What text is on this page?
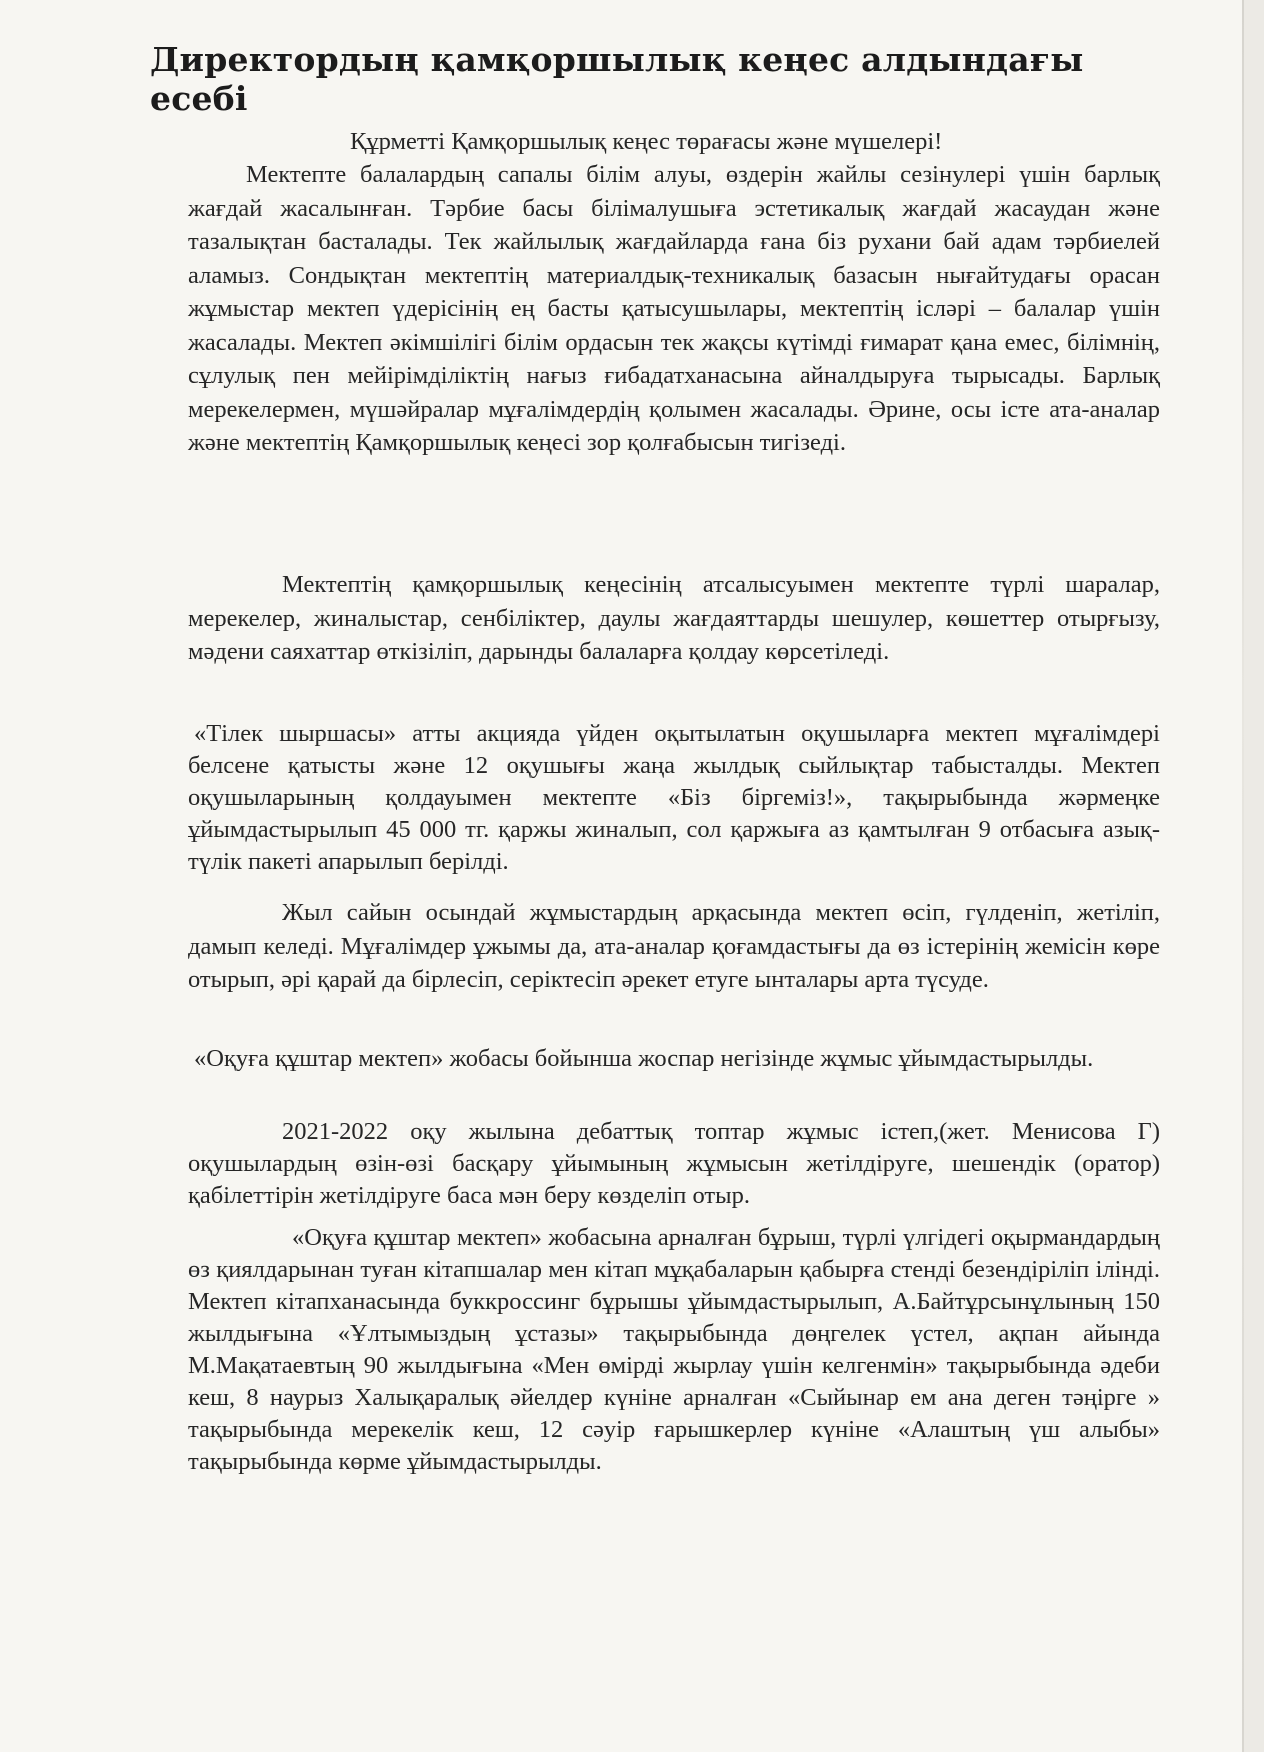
Директордың қамқоршылық кеңес алдындағы есебі
Құрметті Қамқоршылық кеңес төрағасы және мүшелері!

Мектепте балалардың сапалы білім алуы, өздерін жайлы сезінулері үшін барлық жағдай жасалынған. Тәрбие басы білімалушыға эстетикалық жағдай жасаудан және тазалықтан басталады. Тек жайлылық жағдайларда ғана біз рухани бай адам тәрбиелей аламыз. Сондықтан мектептің материалдық-техникалық базасын нығайтудағы орасан жұмыстар мектеп үдерісінің ең басты қатысушылары, мектептің ісләрі – балалар үшін жасалады. Мектеп әкімшілігі білім ордасын тек жақсы күтімді ғимарат қана емес, білімнің, сұлулық пен мейірімділіктің нағыз ғибадатханасына айналдыруға тырысады. Барлық мерекелермен, мүшәйралар мұғалімдердің қолымен жасалады. Әрине, осы істе ата-аналар және мектептің Қамқоршылық кеңесі зор қолғабысын тигізеді.

Мектептің қамқоршылық кеңесінің атсалысуымен мектепте түрлі шаралар, мерекелер, жиналыстар, сенбіліктер, даулы жағдаяттарды шешулер, көшеттер отырғызу, мәдени саяхаттар өткізіліп, дарынды балаларға қолдау көрсетіледі.

«Тілек шыршасы» атты акцияда үйден оқытылатын оқушыларға мектеп мұғалімдері белсене қатысты және 12 оқушығы жаңа жылдық сыйлықтар табысталды. Мектеп оқушыларының қолдауымен мектепте «Біз біргеміз!», тақырыбында жәрмеңке ұйымдастырылып 45 000 тг. қаржы жиналып, сол қаржыға аз қамтылған 9 отбасыға азық-түлік пакеті апарылып берілді.

Жыл сайын осындай жұмыстардың арқасында мектеп өсіп, гүлденіп, жетіліп, дамып келеді. Мұғалімдер ұжымы да, ата-аналар қоғамдастығы да өз істерінің жемісін көре отырып, әрі қарай да бірлесіп, серіктесіп әрекет етуге ынталары арта түсуде.

«Оқуға құштар мектеп» жобасы бойынша жоспар негізінде жұмыс ұйымдастырылды.

2021-2022 оқу жылына дебаттық топтар жұмыс істеп,(жет. Менисова Г) оқушылардың өзін-өзі басқару ұйымының жұмысын жетілдіруге, шешендік (оратор) қабілеттірін жетілдіруге баса мән беру көзделіп отыр.

«Оқуға құштар мектеп» жобасына арналған бұрыш, түрлі үлгідегі оқырмандардың өз қиялдарынан туған кітапшалар мен кітап мұқабаларын қабырға стенді безендіріліп ілінді. Мектеп кітапханасында буккроссинг бұрышы ұйымдастырылып, А.Байтұрсынұлының 150 жылдығына «Ұлтымыздың ұстазы» тақырыбында дөңгелек үстел, ақпан айында М.Мақатаевтың 90 жылдығына «Мен өмірді жырлау үшін келгенмін» тақырыбында әдеби кеш, 8 наурыз Халықаралық әйелдер күніне арналған «Сыйынар ем ана деген тәңірге » тақырыбында мерекелік кеш, 12 сәуір ғарышкерлер күніне «Алаштың үш алыбы» тақырыбында көрме ұйымдастырылды.
